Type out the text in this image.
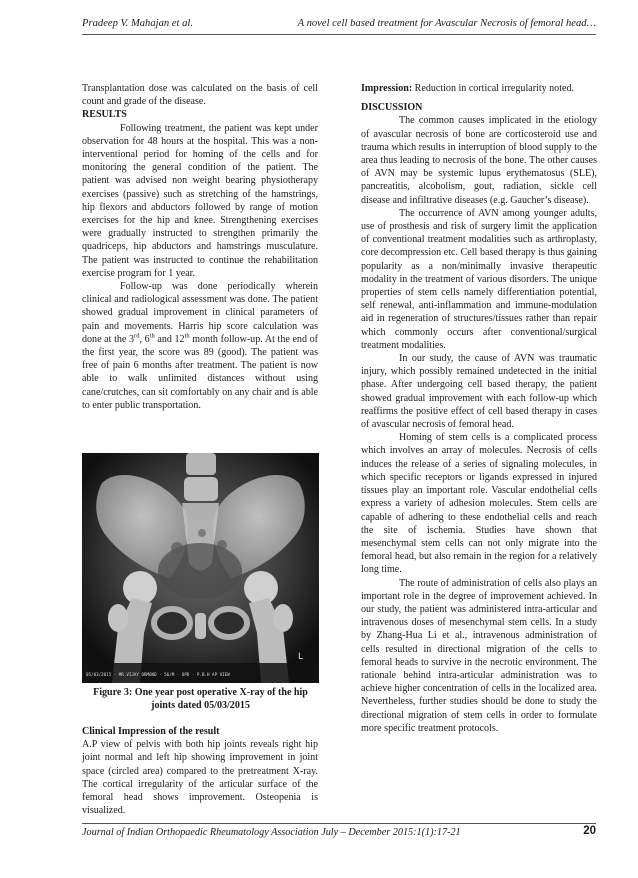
Pradeep V. Mahajan et al.	A novel cell based treatment for Avascular Necrosis of femoral head…

Transplantation dose was calculated on the basis of cell count and grade of the disease.

RESULTS

Following treatment, the patient was kept under observation for 48 hours at the hospital. This was a non-interventional period for homing of the cells and for monitoring the general condition of the patient. The patient was advised non weight bearing physiotherapy exercises (passive) such as stretching of the hamstrings, hip flexors and abductors followed by range of motion exercises for the hip and knee. Strengthening exercises were gradually instructed to strengthen primarily the quadriceps, hip abductors and hamstrings musculature. The patient was instructed to continue the rehabilitation exercise program for 1 year.

Follow-up was done periodically wherein clinical and radiological assessment was done. The patient showed gradual improvement in clinical parameters of pain and movements. Harris hip score calculation was done at the 3rd, 6th and 12th month follow-up. At the end of the first year, the score was 89 (good). The patient was free of pain 6 months after treatment. The patient is now able to walk unlimited distances without using cane/crutches, can sit comfortably on any chair and is able to enter public transportation.

05/03/2015 · MR.VIJAY ORMOND · 56/M · OPD · P.B.H AP VIEW
L
Figure 3: One year post operative X-ray of the hip joints dated 05/03/2015

Clinical Impression of the result

A.P view of pelvis with both hip joints reveals right hip joint normal and left hip showing improvement in joint space (circled area) compared to the pretreatment X-ray. The cortical irregularity of the articular surface of the femoral head shows improvement. Osteopenia is visualized.

Impression: Reduction in cortical irregularity noted.

DISCUSSION

The common causes implicated in the etiology of avascular necrosis of bone are corticosteroid use and trauma which results in interruption of blood supply to the area thus leading to necrosis of the bone. The other causes of AVN may be systemic lupus erythematosus (SLE), pancreatitis, alcoholism, gout, radiation, sickle cell disease and infiltrative diseases (e.g. Gaucher’s disease).

The occurrence of AVN among younger adults, use of prosthesis and risk of surgery limit the application of conventional treatment modalities such as arthroplasty, core decompression etc. Cell based therapy is thus gaining popularity as a non/minimally invasive therapeutic modality in the treatment of various disorders. The unique properties of stem cells namely differentiation potential, self renewal, anti-inflammation and immune-modulation aid in regeneration of structures/tissues rather than repair which commonly occurs after conventional/surgical treatment modalities.

In our study, the cause of AVN was traumatic injury, which possibly remained undetected in the initial phase. After undergoing cell based therapy, the patient showed gradual improvement with each follow-up which reaffirms the positive effect of cell based therapy in cases of avascular necrosis of femoral head.

Homing of stem cells is a complicated process which involves an array of molecules. Necrosis of cells induces the release of a series of signaling molecules, in which specific receptors or ligands expressed in injured tissues play an important role. Vascular endothelial cells express a variety of adhesion molecules. Stem cells are capable of adhering to these endothelial cells and reach the site of ischemia. Studies have shown that mesenchymal stem cells can not only migrate into the femoral head, but also remain in the region for a relatively long time.

The route of administration of cells also plays an important role in the degree of improvement achieved. In our study, the patient was administered intra-articular and intravenous doses of mesenchymal stem cells. In a study by Zhang-Hua Li et al., intravenous administration of cells resulted in directional migration of the cells to femoral heads to survive in the necrotic environment. The rationale behind intra-articular administration was to achieve higher concentration of cells in the localized area. Nevertheless, further studies should be done to study the directional migration of stem cells in order to formulate more specific treatment protocols.

Journal of Indian Orthopaedic Rheumatology Association July – December 2015:1(1):17-21	20
